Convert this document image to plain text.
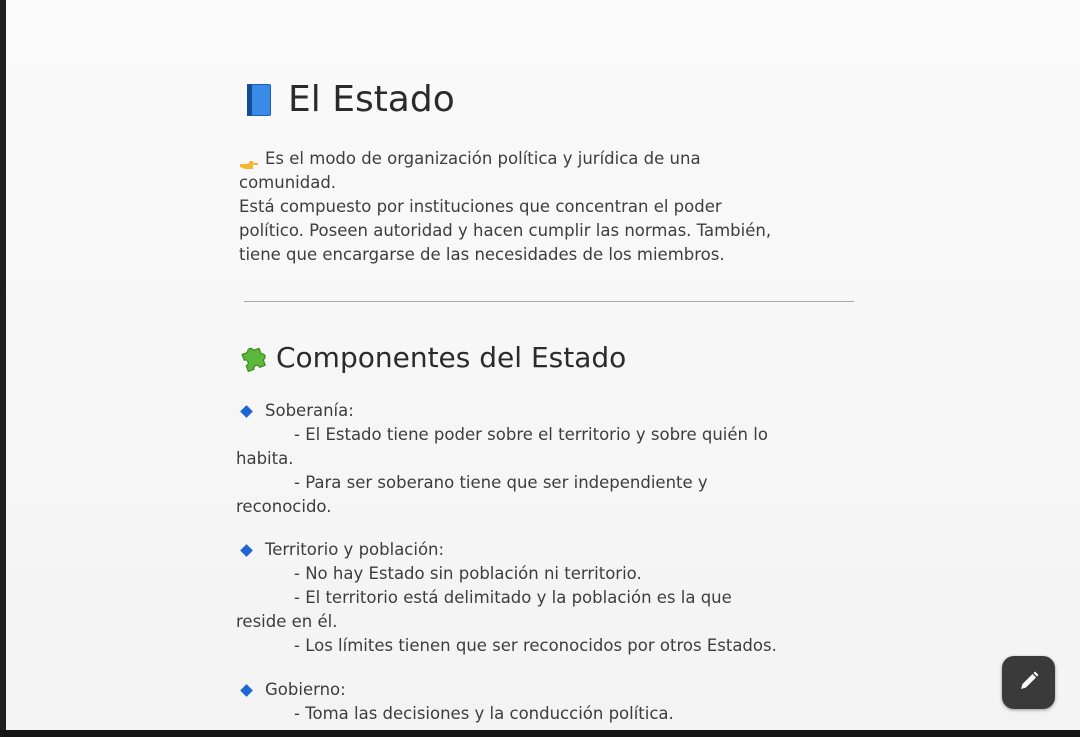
El Estado

Es el modo de organización política y jurídica de una
comunidad.
Está compuesto por instituciones que concentran el poder
político. Poseen autoridad y hacen cumplir las normas. También,
tiene que encargarse de las necesidades de los miembros.

Componentes del Estado
Soberanía:
- El Estado tiene poder sobre el territorio y sobre quién lo
habita.
- Para ser soberano tiene que ser independiente y
reconocido.
Territorio y población:
- No hay Estado sin población ni territorio.
- El territorio está delimitado y la población es la que
reside en él.
- Los límites tienen que ser reconocidos por otros Estados.
Gobierno:
- Toma las decisiones y la conducción política.
